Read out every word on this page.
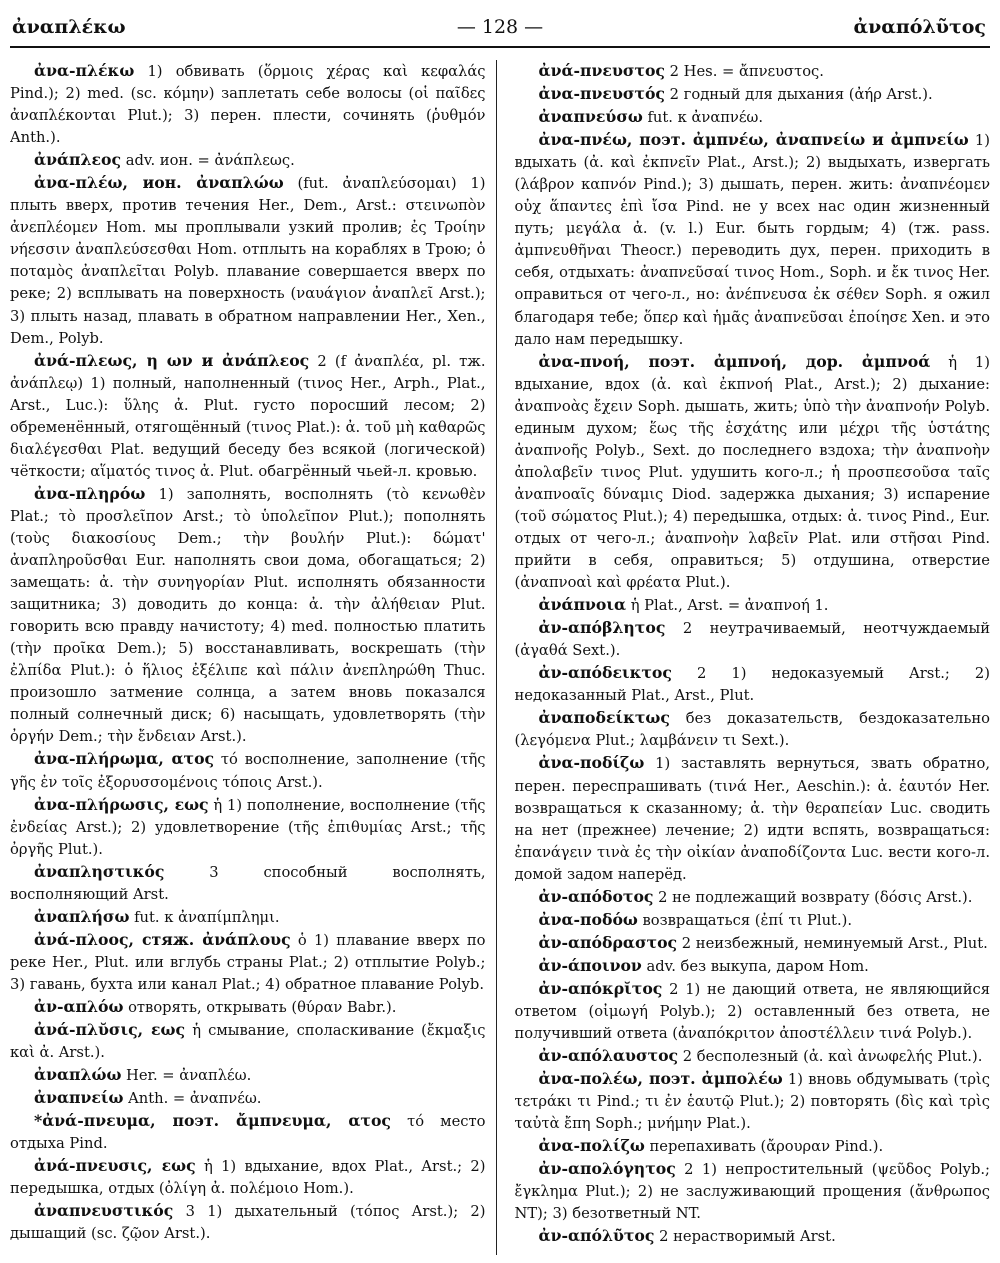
ἀναπλέκω	— 128 —	ἀναπόλῦτος

ἀνα-πλέκω 1) обвивать (ὅρμοις χέρας καὶ κεφαλάς Pind.); 2) med. (sc. κόμην) заплетать себе волосы (οἱ παῖδες ἀναπλέκονται Plut.); 3) перен. плести, сочинять (ῥυθμόν Anth.).

ἀνάπλεος adv. ион. = ἀνάπλεως.

ἀνα-πλέω, ион. ἀναπλώω (fut. ἀναπλεύσομαι) 1) плыть вверх, против течения Her., Dem., Arst.: στεινωπὸν ἀνεπλέομεν Hom. мы проплывали узкий пролив; ἐς Τροίην νήεσσιν ἀναπλεύσεσθαι Hom. отплыть на кораблях в Трою; ὁ ποταμὸς ἀναπλεῖται Polyb. плавание совершается вверх по реке; 2) всплывать на поверхность (ναυάγιον ἀναπλεῖ Arst.); 3) плыть назад, плавать в обратном направлении Her., Xen., Dem., Polyb.

ἀνά-πλεως, η ων и ἀνάπλεος 2 (f ἀναπλέα, pl. тж. ἀνάπλεῳ) 1) полный, наполненный (τινος Her., Arph., Plat., Arst., Luc.): ὕλης ἀ. Plut. густо поросший лесом; 2) обременённый, отягощённый (τινος Plat.): ἀ. τοῦ μὴ καθαρῶς διαλέγεσθαι Plat. ведущий беседу без всякой (логической) чёткости; αἵματός τινος ἀ. Plut. обагрённый чьей-л. кровью.

ἀνα-πληρόω 1) заполнять, восполнять (τὸ κενωθὲν Plat.; τὸ προσλεῖπον Arst.; τὸ ὑπολεῖπον Plut.); пополнять (τοὺς διακοσίους Dem.; τὴν βουλήν Plut.): δώματ' ἀναπληροῦσθαι Eur. наполнять свои дома, обогащаться; 2) замещать: ἀ. τὴν συνηγορίαν Plut. исполнять обязанности защитника; 3) доводить до конца: ἀ. τὴν ἀλήθειαν Plut. говорить всю правду начистоту; 4) med. полностью платить (τὴν προῖκα Dem.); 5) восстанавливать, воскрешать (τὴν ἐλπίδα Plut.): ὁ ἥλιος ἐξέλιπε καὶ πάλιν ἀνεπληρώθη Thuc. произошло затмение солнца, а затем вновь показался полный солнечный диск; 6) насыщать, удовлетворять (τὴν ὀργήν Dem.; τὴν ἔνδειαν Arst.).

ἀνα-πλήρωμα, ατος τό восполнение, заполнение (τῆς γῆς ἐν τοῖς ἐξορυσσομένοις τόποις Arst.).

ἀνα-πλήρωσις, εως ἡ 1) пополнение, восполнение (τῆς ἐνδείας Arst.); 2) удовлетворение (τῆς ἐπιθυμίας Arst.; τῆς ὀργῆς Plut.).

ἀναπληστικός 3 способный восполнять, восполняющий Arst.

ἀναπλήσω fut. к ἀναπίμπλημι.

ἀνά-πλοος, стяж. ἀνάπλους ὁ 1) плавание вверх по реке Her., Plut. или вглубь страны Plat.; 2) отплытие Polyb.; 3) гавань, бухта или канал Plat.; 4) обратное плавание Polyb.

ἀν-απλόω отворять, открывать (θύραν Babr.).

ἀνά-πλῠσις, εως ἡ смывание, споласкивание (ἔκμαξις καὶ ἀ. Arst.).

ἀναπλώω Her. = ἀναπλέω.

ἀναπνείω Anth. = ἀναπνέω.

*ἀνά-πνευμα, поэт. ἄμπνευμα, ατος τό место отдыха Pind.

ἀνά-πνευσις, εως ἡ 1) вдыхание, вдох Plat., Arst.; 2) передышка, отдых (ὀλίγη ἀ. πολέμοιο Hom.).

ἀναπνευστικός 3 1) дыхательный (τόπος Arst.); 2) дышащий (sc. ζῷον Arst.).

ἀνά-πνευστος 2 Hes. = ἄπνευστος.

ἀνα-πνευστός 2 годный для дыхания (ἀήρ Arst.).

ἀναπνεύσω fut. к ἀναπνέω.

ἀνα-πνέω, поэт. ἀμπνέω, ἀναπνείω и ἀμπνείω 1) вдыхать (ἀ. καὶ ἐκπνεῖν Plat., Arst.); 2) выдыхать, извергать (λάβρον καπνόν Pind.); 3) дышать, перен. жить: ἀναπνέομεν οὐχ ἅπαντες ἐπὶ ἴσα Pind. не у всех нас один жизненный путь; μεγάλα ἀ. (v. l.) Eur. быть гордым; 4) (тж. pass. ἀμπνευθῆναι Theocr.) переводить дух, перен. приходить в себя, отдыхать: ἀναπνεῦσαί τινος Hom., Soph. и ἔκ τινος Her. оправиться от чего-л., но: ἀνέπνευσα ἐκ σέθεν Soph. я ожил благодаря тебе; ὅπερ καὶ ἡμᾶς ἀναπνεῦσαι ἐποίησε Xen. и это дало нам передышку.

ἀνα-πνοή, поэт. ἀμπνοή, дор. ἀμπνοά ἡ 1) вдыхание, вдох (ἀ. καὶ ἐκπνοή Plat., Arst.); 2) дыхание: ἀναπνοὰς ἔχειν Soph. дышать, жить; ὑπὸ τὴν ἀναπνοήν Polyb. единым духом; ἕως τῆς ἐσχάτης или μέχρι τῆς ὑστάτης ἀναπνοῆς Polyb., Sext. до последнего вздоха; τὴν ἀναπνοὴν ἀπολαβεῖν τινος Plut. удушить кого-л.; ἡ προσπεσοῦσα ταῖς ἀναπνοαῖς δύναμις Diod. задержка дыхания; 3) испарение (τοῦ σώματος Plut.); 4) передышка, отдых: ἀ. τινος Pind., Eur. отдых от чего-л.; ἀναπνοὴν λαβεῖν Plat. или στῆσαι Pind. прийти в себя, оправиться; 5) отдушина, отверстие (ἀναπνοαὶ καὶ φρέατα Plut.).

ἀνάπνοια ἡ Plat., Arst. = ἀναπνοή 1.

ἀν-απόβλητος 2 неутрачиваемый, неотчуждаемый (ἀγαθά Sext.).

ἀν-απόδεικτος 2 1) недоказуемый Arst.; 2) недоказанный Plat., Arst., Plut.

ἀναποδείκτως без доказательств, бездоказательно (λεγόμενα Plut.; λαμβάνειν τι Sext.).

ἀνα-ποδίζω 1) заставлять вернуться, звать обратно, перен. переспрашивать (τινά Her., Aeschin.): ἀ. ἑαυτόν Her. возвращаться к сказанному; ἀ. τὴν θεραπείαν Luc. сводить на нет (прежнее) лечение; 2) идти вспять, возвращаться: ἐπανάγειν τινὰ ἐς τὴν οἰκίαν ἀναποδίζοντα Luc. вести кого-л. домой задом наперёд.

ἀν-απόδοτος 2 не подлежащий возврату (δόσις Arst.).

ἀνα-ποδόω возвращаться (ἐπί τι Plut.).

ἀν-απόδραστος 2 неизбежный, неминуемый Arst., Plut.

ἀν-άποινον adv. без выкупа, даром Hom.

ἀν-απόκρῐτος 2 1) не дающий ответа, не являющийся ответом (οἰμωγή Polyb.); 2) оставленный без ответа, не получивший ответа (ἀναπόκριτον ἀποστέλλειν τινά Polyb.).

ἀν-απόλαυστος 2 бесполезный (ἀ. καὶ ἀνωφελής Plut.).

ἀνα-πολέω, поэт. ἀμπολέω 1) вновь обдумывать (τρὶς τετράκι τι Pind.; τι ἐν ἑαυτῷ Plut.); 2) повторять (δὶς καὶ τρὶς ταὐτὰ ἔπη Soph.; μνήμην Plat.).

ἀνα-πολίζω перепахивать (ἄρουραν Pind.).

ἀν-απολόγητος 2 1) непростительный (ψεῦδος Polyb.; ἔγκλημα Plut.); 2) не заслуживающий прощения (ἄνθρωπος NT); 3) безответный NT.

ἀν-απόλῦτος 2 нерастворимый Arst.
